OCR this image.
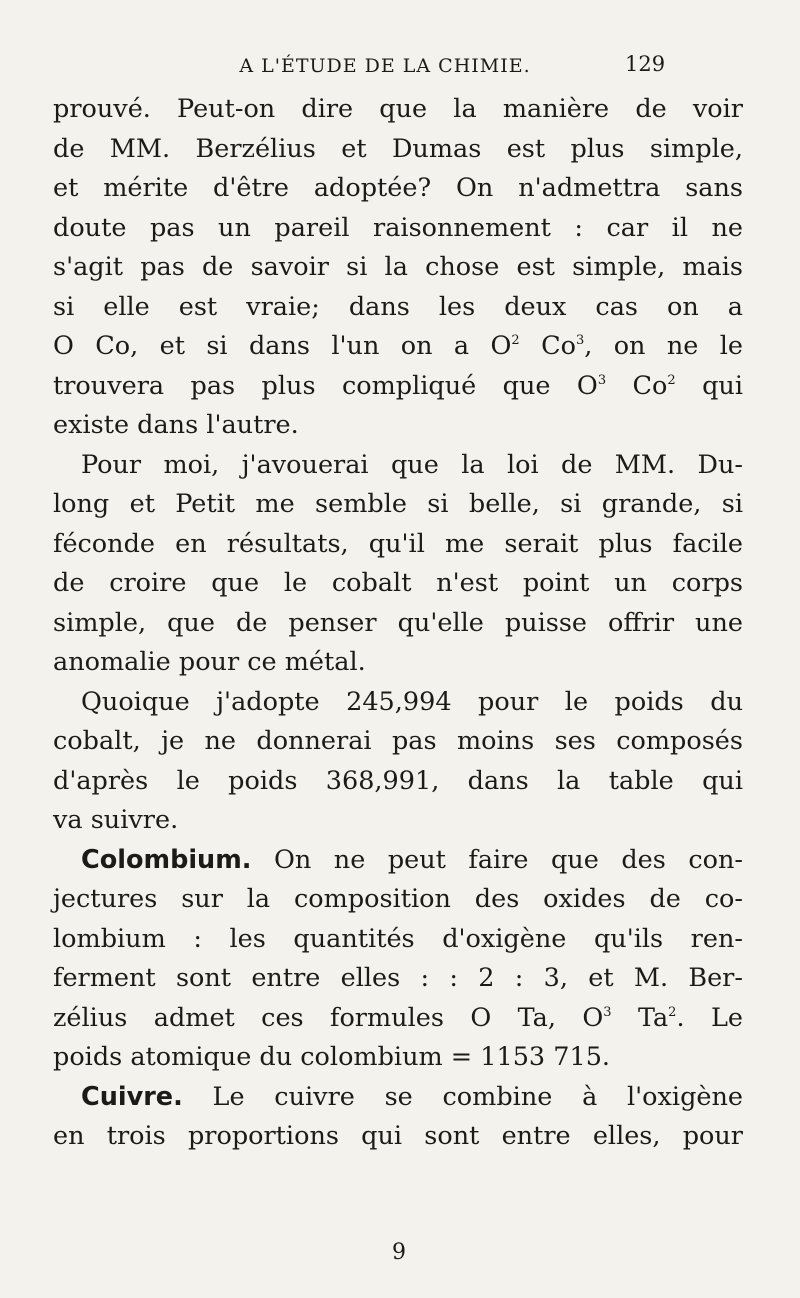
A L'ÉTUDE DE LA CHIMIE.	129
prouvé. Peut-on dire que la manière de voir
de MM. Berzélius et Dumas est plus simple,
et mérite d'être adoptée? On n'admettra sans
doute pas un pareil raisonnement : car il ne
s'agit pas de savoir si la chose est simple, mais
si elle est vraie; dans les deux cas on a
O Co, et si dans l'un on a $O^2$ Co$^3$, on ne le
trouvera pas plus compliqué que $O^3$ Co$^2$ qui
existe dans l'autre.
Pour moi, j'avouerai que la loi de MM. Du-
long et Petit me semble si belle, si grande, si
féconde en résultats, qu'il me serait plus facile
de croire que le cobalt n'est point un corps
simple, que de penser qu'elle puisse offrir une
anomalie pour ce métal.
Quoique j'adopte 245,994 pour le poids du
cobalt, je ne donnerai pas moins ses composés
d'après le poids 368,991, dans la table qui
va suivre.
Colombium. On ne peut faire que des con-
jectures sur la composition des oxides de co-
lombium : les quantités d'oxigène qu'ils ren-
ferment sont entre elles : : 2 : 3, et M. Ber-
zélius admet ces formules O Ta, $O^3$ Ta$^2$. Le
poids atomique du colombium = 1153 715.
Cuivre. Le cuivre se combine à l'oxigène
en trois proportions qui sont entre elles, pour
9
